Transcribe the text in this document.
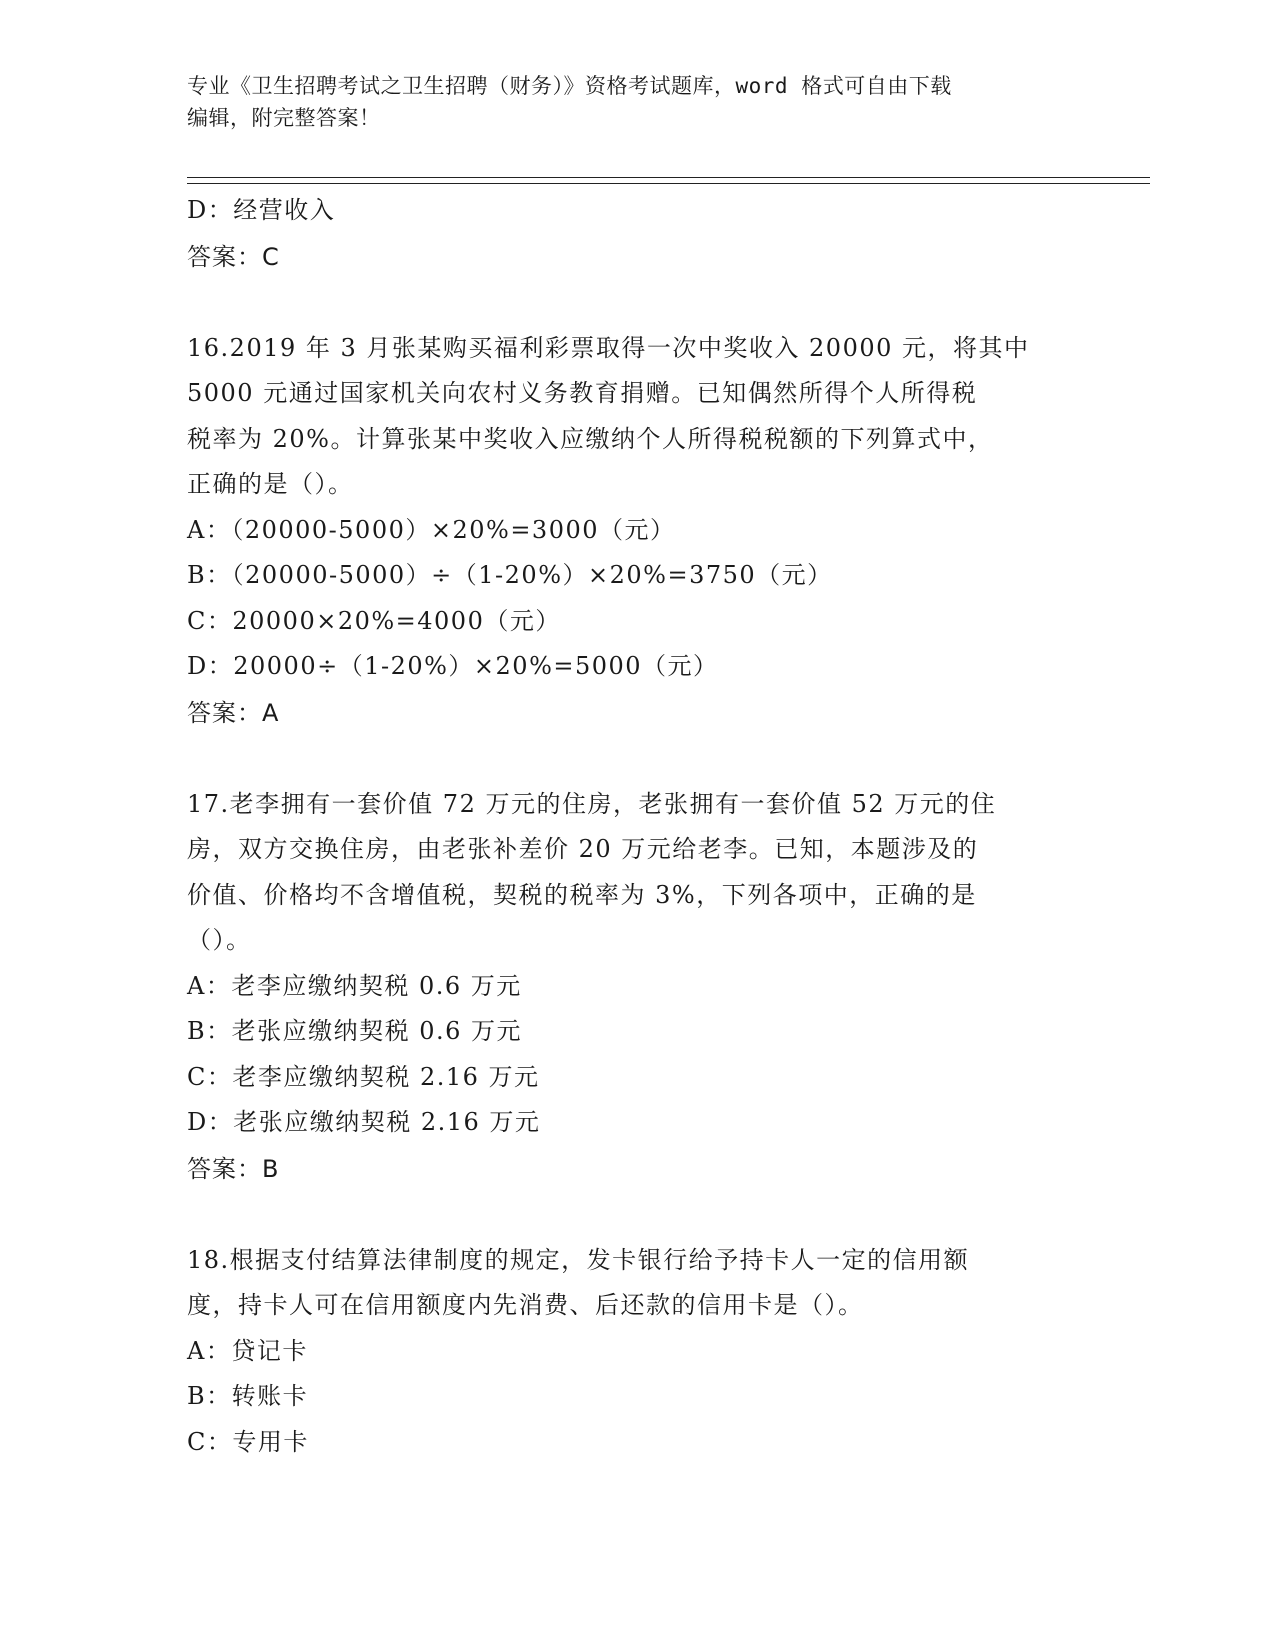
专业《卫生招聘考试之卫生招聘（财务）》资格考试题库，word 格式可自由下载
编辑，附完整答案！
D：经营收入
答案：C
16.2019 年 3 月张某购买福利彩票取得一次中奖收入 20000 元，将其中
5000 元通过国家机关向农村义务教育捐赠。已知偶然所得个人所得税
税率为 20%。计算张某中奖收入应缴纳个人所得税税额的下列算式中，
正确的是（）。
A：（20000-5000）×20%=3000（元）
B：（20000-5000）÷（1-20%）×20%=3750（元）
C：20000×20%=4000（元）
D：20000÷（1-20%）×20%=5000（元）
答案：A
17.老李拥有一套价值 72 万元的住房，老张拥有一套价值 52 万元的住
房，双方交换住房，由老张补差价 20 万元给老李。已知，本题涉及的
价值、价格均不含增值税，契税的税率为 3%，下列各项中，正确的是
（）。
A：老李应缴纳契税 0.6 万元
B：老张应缴纳契税 0.6 万元
C：老李应缴纳契税 2.16 万元
D：老张应缴纳契税 2.16 万元
答案：B
18.根据支付结算法律制度的规定，发卡银行给予持卡人一定的信用额
度，持卡人可在信用额度内先消费、后还款的信用卡是（）。
A：贷记卡
B：转账卡
C：专用卡
